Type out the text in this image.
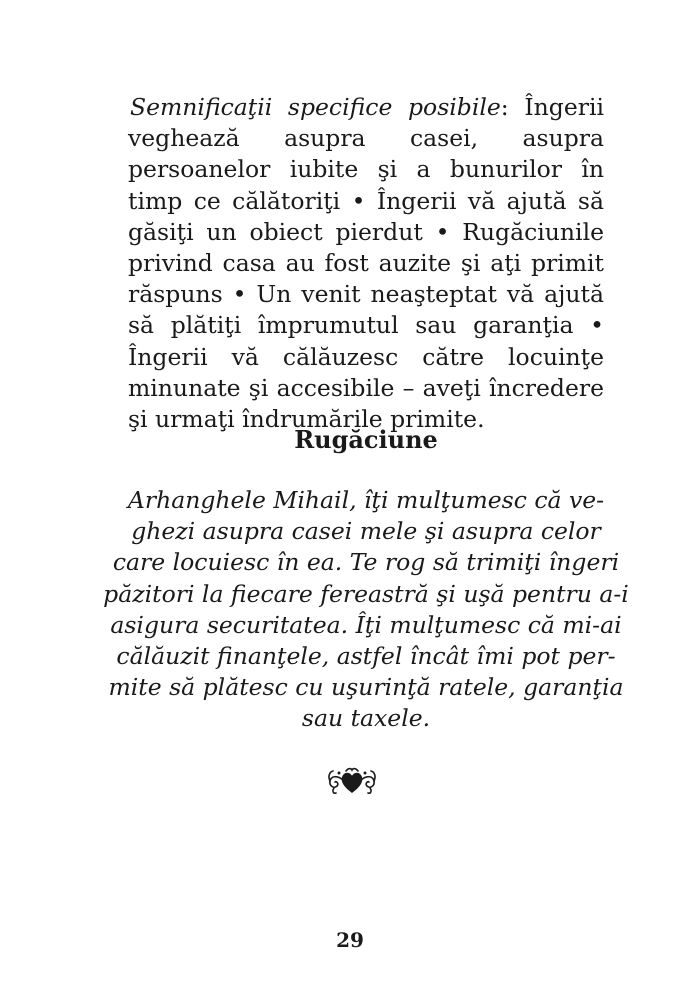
Semnificaţii specifice posibile: Îngerii veghează asupra casei, asupra persoanelor iubite şi a bunurilor în timp ce călătoriţi • Îngerii vă ajută să găsiţi un obiect pierdut • Rugăciunile privind casa au fost auzite şi aţi primit răspuns • Un venit neaşteptat vă ajută să plătiţi împrumutul sau garanţia • Îngerii vă călăuzesc către locuinţe minunate şi accesibile – aveţi încredere şi urmaţi îndrumările primite.

Rugăciune
Arhanghele Mihail, îţi mulţumesc că ve-
ghezi asupra casei mele şi asupra celor
care locuiesc în ea. Te rog să trimiţi îngeri
păzitori la fiecare fereastră şi uşă pentru a-i
asigura securitatea. Îţi mulţumesc că mi-ai
călăuzit finanţele, astfel încât îmi pot per-
mite să plătesc cu uşurinţă ratele, garanţia
sau taxele.
29
